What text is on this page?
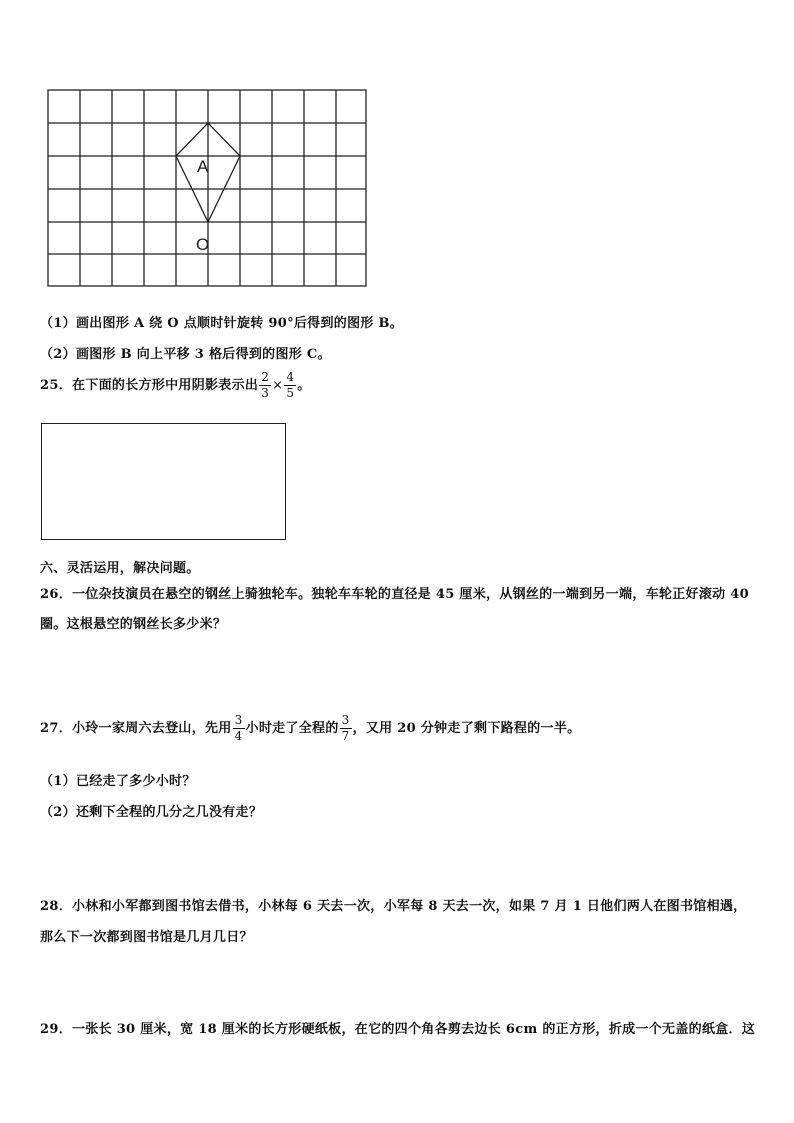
A
O
（1）画出图形 A 绕 O 点顺时针旋转 90°后得到的图形 B。
（2）画图形 B 向上平移 3 格后得到的图形 C。
25．在下面的长方形中用阴影表示出 $\frac{2}{3} \times \frac{4}{5}$ 。
六、灵活运用，解决问题。
26．一位杂技演员在悬空的钢丝上骑独轮车。独轮车车轮的直径是 45 厘米，从钢丝的一端到另一端，车轮正好滚动 40
圈。这根悬空的钢丝长多少米？
27．小玲一家周六去登山，先用 $\frac{3}{4}$ 小时走了全程的 $\frac{3}{7}$ ，又用 20 分钟走了剩下路程的一半。
（1）已经走了多少小时？
（2）还剩下全程的几分之几没有走？
28．小林和小军都到图书馆去借书，小林每 6 天去一次，小军每 8 天去一次，如果 7 月 1 日他们两人在图书馆相遇，
那么下一次都到图书馆是几月几日？
29．一张长 30 厘米，宽 18 厘米的长方形硬纸板，在它的四个角各剪去边长 6cm 的正方形，折成一个无盖的纸盒．这
